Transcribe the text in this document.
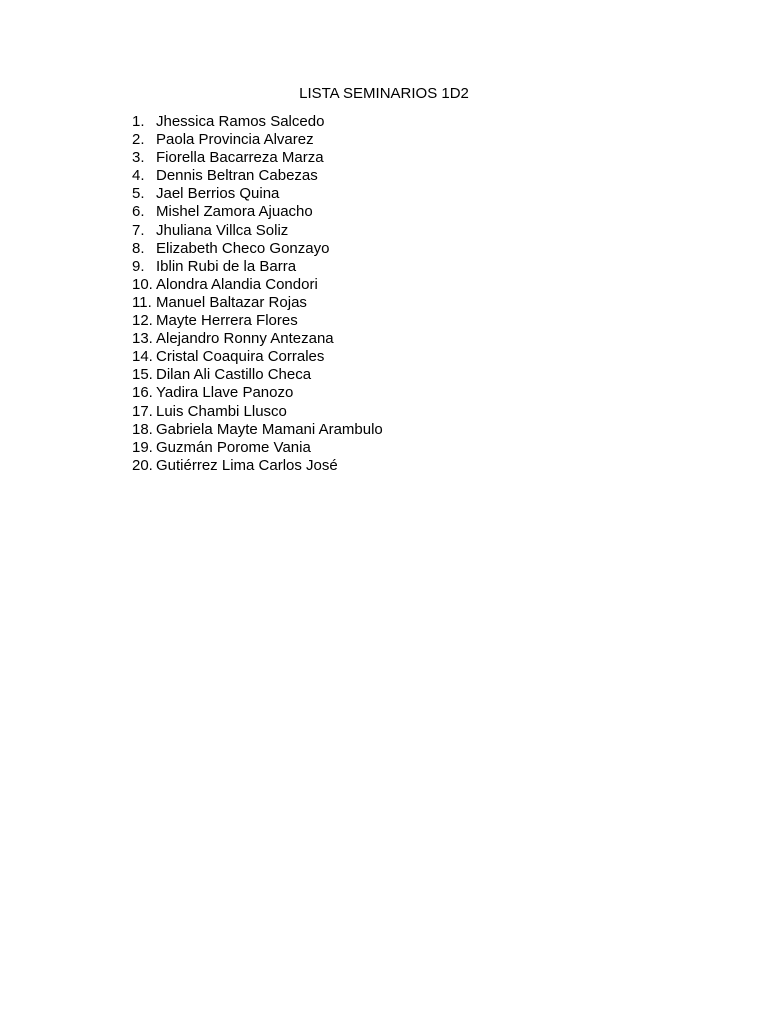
LISTA SEMINARIOS 1D2
1. Jhessica Ramos Salcedo
2. Paola Provincia Alvarez
3. Fiorella Bacarreza Marza
4. Dennis Beltran Cabezas
5. Jael Berrios Quina
6. Mishel Zamora Ajuacho
7. Jhuliana Villca Soliz
8. Elizabeth Checo Gonzayo
9. Iblin Rubi de la Barra
10. Alondra Alandia Condori
11. Manuel Baltazar Rojas
12. Mayte Herrera Flores
13. Alejandro Ronny Antezana
14. Cristal Coaquira Corrales
15. Dilan Ali Castillo Checa
16. Yadira Llave Panozo
17. Luis Chambi Llusco
18. Gabriela Mayte Mamani Arambulo
19. Guzmán Porome Vania
20. Gutiérrez Lima Carlos José
